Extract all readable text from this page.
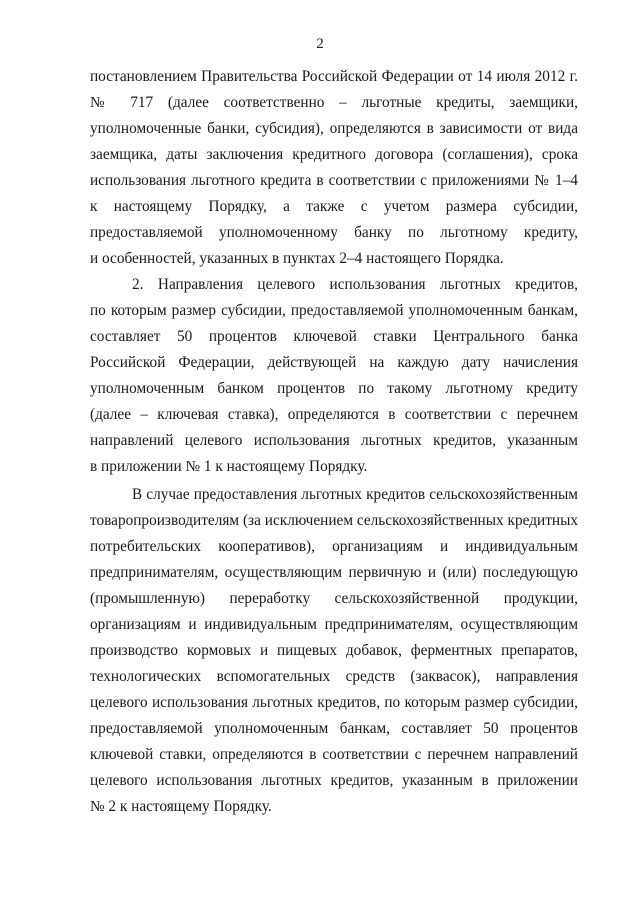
2
постановлением Правительства Российской Федерации от 14 июля 2012 г.
№ 717 (далее соответственно – льготные кредиты, заемщики,
уполномоченные банки, субсидия), определяются в зависимости от вида
заемщика, даты заключения кредитного договора (соглашения), срока
использования льготного кредита в соответствии с приложениями № 1–4
к настоящему Порядку, а также с учетом размера субсидии,
предоставляемой уполномоченному банку по льготному кредиту,
и особенностей, указанных в пунктах 2–4 настоящего Порядка.
2. Направления целевого использования льготных кредитов,
по которым размер субсидии, предоставляемой уполномоченным банкам,
составляет 50 процентов ключевой ставки Центрального банка
Российской Федерации, действующей на каждую дату начисления
уполномоченным банком процентов по такому льготному кредиту
(далее – ключевая ставка), определяются в соответствии с перечнем
направлений целевого использования льготных кредитов, указанным
в приложении № 1 к настоящему Порядку.
В случае предоставления льготных кредитов сельскохозяйственным
товаропроизводителям (за исключением сельскохозяйственных кредитных
потребительских кооперативов), организациям и индивидуальным
предпринимателям, осуществляющим первичную и (или) последующую
(промышленную) переработку сельскохозяйственной продукции,
организациям и индивидуальным предпринимателям, осуществляющим
производство кормовых и пищевых добавок, ферментных препаратов,
технологических вспомогательных средств (заквасок), направления
целевого использования льготных кредитов, по которым размер субсидии,
предоставляемой уполномоченным банкам, составляет 50 процентов
ключевой ставки, определяются в соответствии с перечнем направлений
целевого использования льготных кредитов, указанным в приложении
№ 2 к настоящему Порядку.
